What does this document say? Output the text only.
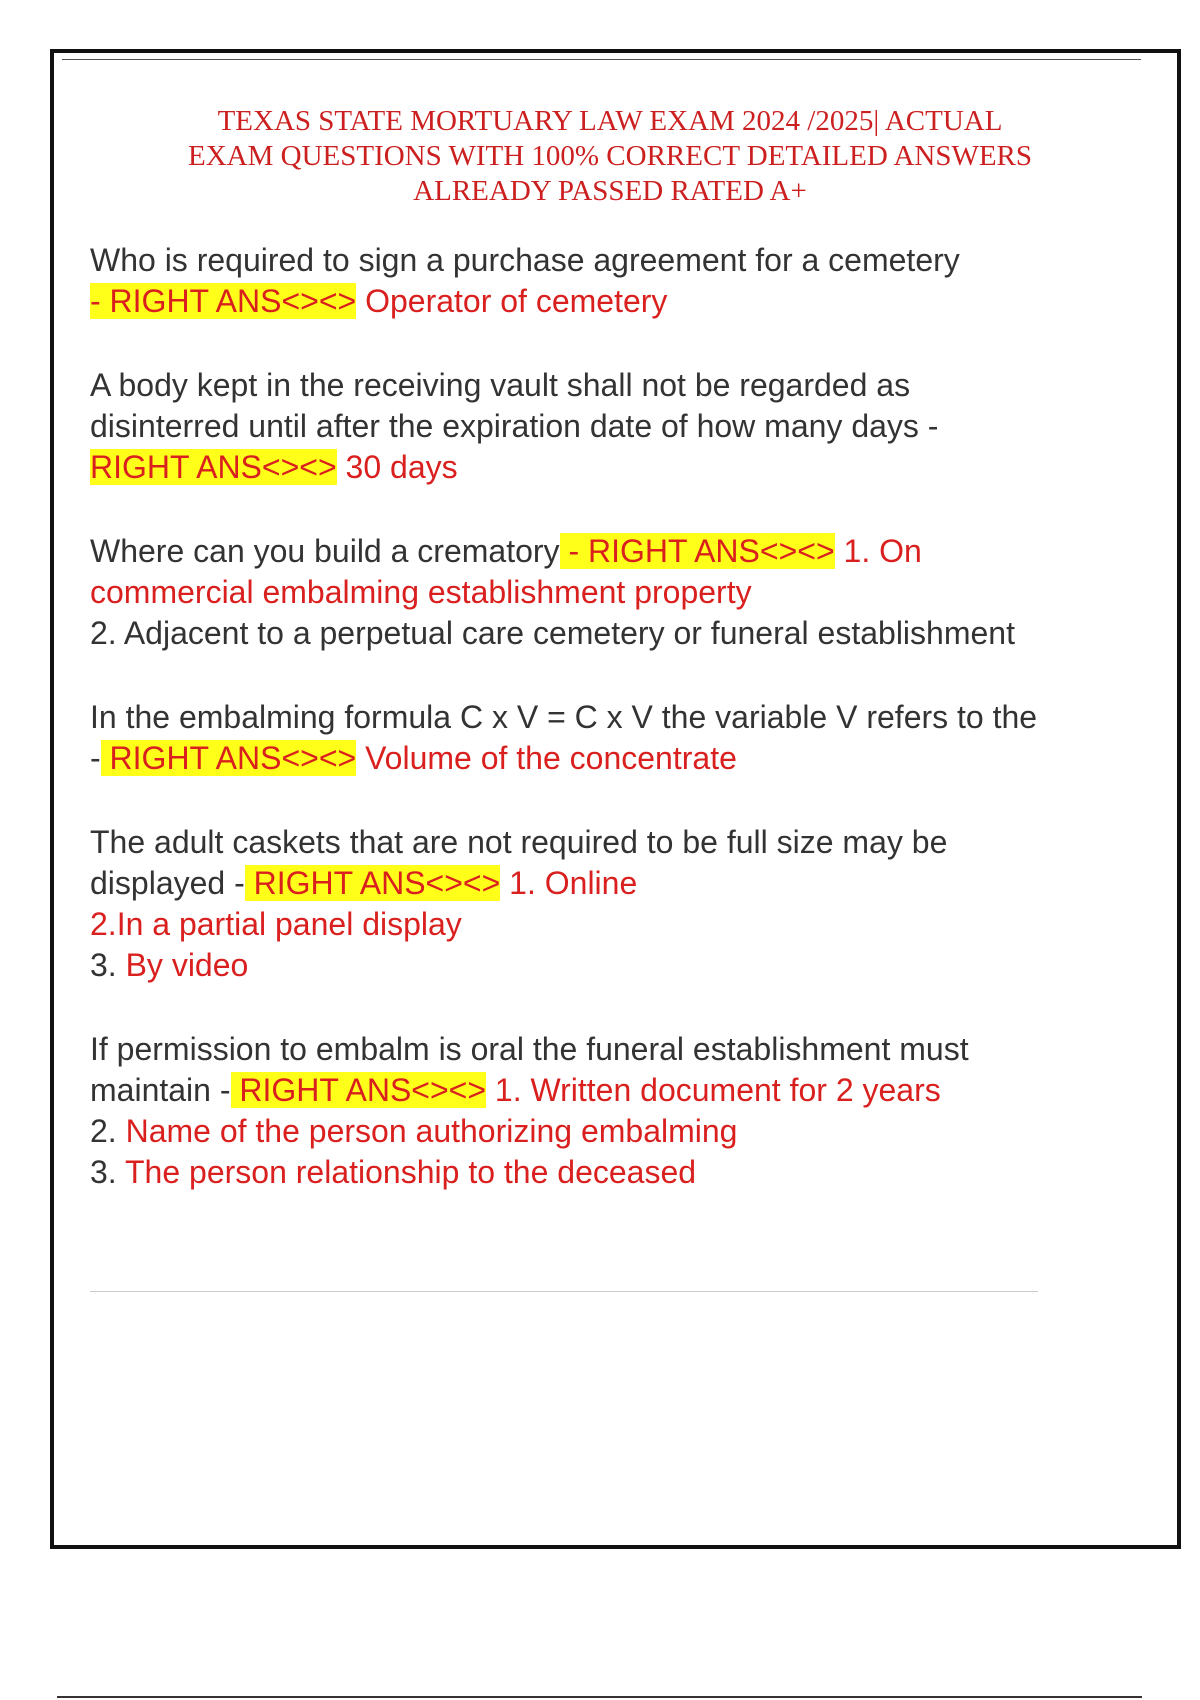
TEXAS STATE MORTUARY LAW EXAM 2024 /2025| ACTUAL
EXAM QUESTIONS WITH 100% CORRECT DETAILED ANSWERS
ALREADY PASSED RATED A+

Who is required to sign a purchase agreement for a cemetery
- RIGHT ANS<><> Operator of cemetery

A body kept in the receiving vault shall not be regarded as disinterred until after the expiration date of how many days -
RIGHT ANS<><> 30 days

Where can you build a crematory - RIGHT ANS<><> 1. On commercial embalming establishment property
2. Adjacent to a perpetual care cemetery or funeral establishment

In the embalming formula C x V = C x V the variable V refers to the - RIGHT ANS<><> Volume of the concentrate

The adult caskets that are not required to be full size may be displayed - RIGHT ANS<><> 1. Online
2.In a partial panel display
3. By video

If permission to embalm is oral the funeral establishment must maintain - RIGHT ANS<><> 1. Written document for 2 years
2. Name of the person authorizing embalming
3. The person relationship to the deceased
